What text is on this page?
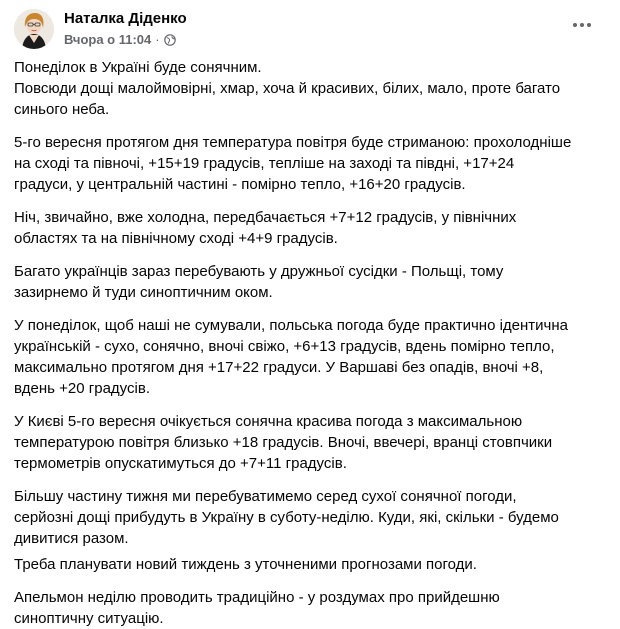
Наталка Діденко
Вчора о 11:04 ·

Понеділок в Україні буде сонячним.
Повсюди дощі малоймовірні, хмар, хоча й красивих, білих, мало, проте багато
синього неба.

5-го вересня протягом дня температура повітря буде стриманою: прохолодніше
на сході та півночі, +15+19 градусів, тепліше на заході та півдні, +17+24
градуси, у центральній частині - помірно тепло, +16+20 градусів.

Ніч, звичайно, вже холодна, передбачається +7+12 градусів, у північних
областях та на північному сході +4+9 градусів.

Багато українців зараз перебувають у дружньої сусідки - Польщі, тому
зазирнемо й туди синоптичним оком.

У понеділок, щоб наші не сумували, польська погода буде практично ідентична
українській - сухо, сонячно, вночі свіжо, +6+13 градусів, вдень помірно тепло,
максимально протягом дня +17+22 градуси. У Варшаві без опадів, вночі +8,
вдень +20 градусів.

У Києві 5-го вересня очікується сонячна красива погода з максимальною
температурою повітря близько +18 градусів. Вночі, ввечері, вранці стовпчики
термометрів опускатимуться до +7+11 градусів.

Більшу частину тижня ми перебуватимемо серед сухої сонячної погоди,
серйозні дощі прибудуть в Україну в суботу-неділю. Куди, які, скільки - будемо
дивитися разом.

Треба планувати новий тиждень з уточненими прогнозами погоди.

Апельмон неділю проводить традиційно - у роздумах про прийдешню
синоптичну ситуацію.
